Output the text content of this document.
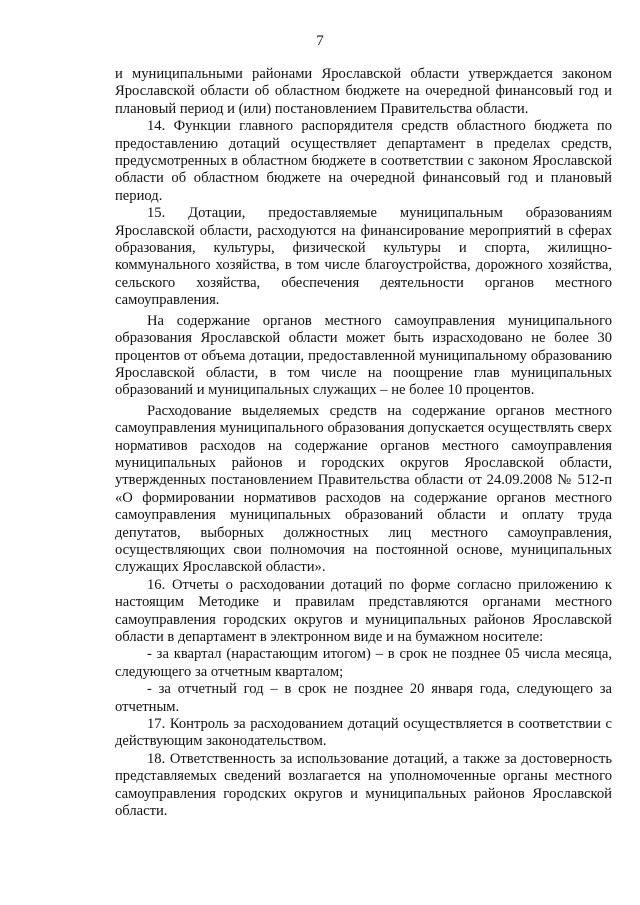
7

и муниципальными районами Ярославской области утверждается законом Ярославской области об областном бюджете на очередной финансовый год и плановый период и (или) постановлением Правительства области.

14. Функции главного распорядителя средств областного бюджета по предоставлению дотаций осуществляет департамент в пределах средств, предусмотренных в областном бюджете в соответствии с законом Ярославской области об областном бюджете на очередной финансовый год и плановый период.

15. Дотации, предоставляемые муниципальным образованиям Ярославской области, расходуются на финансирование мероприятий в сферах образования, культуры, физической культуры и спорта, жилищно-коммунального хозяйства, в том числе благоустройства, дорожного хозяйства, сельского хозяйства, обеспечения деятельности органов местного самоуправления.

На содержание органов местного самоуправления муниципального образования Ярославской области может быть израсходовано не более 30 процентов от объема дотации, предоставленной муниципальному образованию Ярославской области, в том числе на поощрение глав муниципальных образований и муниципальных служащих – не более 10 процентов.

Расходование выделяемых средств на содержание органов местного самоуправления муниципального образования допускается осуществлять сверх нормативов расходов на содержание органов местного самоуправления муниципальных районов и городских округов Ярославской области, утвержденных постановлением Правительства области от 24.09.2008 № 512-п «О формировании нормативов расходов на содержание органов местного самоуправления муниципальных образований области и оплату труда депутатов, выборных должностных лиц местного самоуправления, осуществляющих свои полномочия на постоянной основе, муниципальных служащих Ярославской области».

16. Отчеты о расходовании дотаций по форме согласно приложению к настоящим Методике и правилам представляются органами местного самоуправления городских округов и муниципальных районов Ярославской области в департамент в электронном виде и на бумажном носителе:

- за квартал (нарастающим итогом) – в срок не позднее 05 числа месяца, следующего за отчетным кварталом;

- за отчетный год – в срок не позднее 20 января года, следующего за отчетным.

17. Контроль за расходованием дотаций осуществляется в соответствии с действующим законодательством.

18. Ответственность за использование дотаций, а также за достоверность представляемых сведений возлагается на уполномоченные органы местного самоуправления городских округов и муниципальных районов Ярославской области.
